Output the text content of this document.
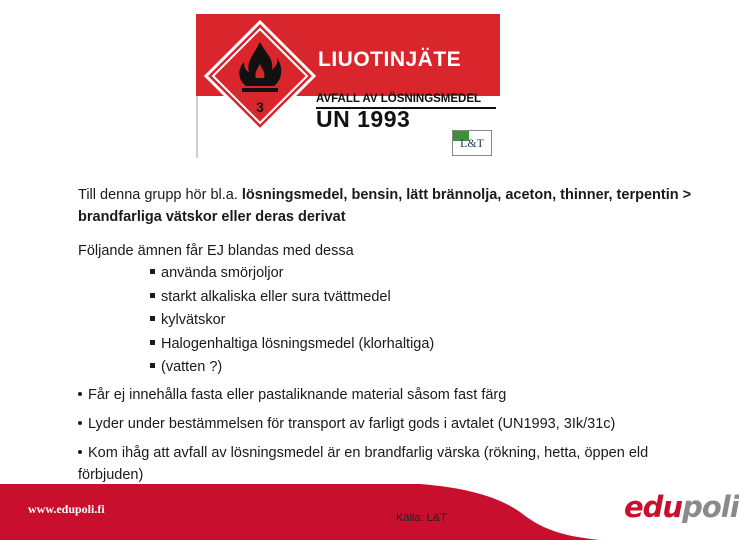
3
LIUOTINJÄTE
AVFALL AV LÖSNINGSMEDEL
UN 1993
L&T

Till denna grupp hör bl.a. lösningsmedel, bensin, lätt brännolja, aceton, thinner, terpentin > brandfarliga vätskor eller deras derivat

Följande ämnen får EJ blandas med dessa

använda smörjoljor
starkt alkaliska eller sura tvättmedel
kylvätskor
Halogenhaltiga lösningsmedel (klorhaltiga)
(vatten ?)
Får ej innehålla fasta eller pastaliknande material såsom fast färg
Lyder under bestämmelsen för transport av farligt gods i avtalet (UN1993, 3Ik/31c)
Kom ihåg att avfall av lösningsmedel är en brandfarlig värska (rökning, hetta, öppen eld förbjuden)
www.edupoli.fi
Källa: L&T	edupoli
